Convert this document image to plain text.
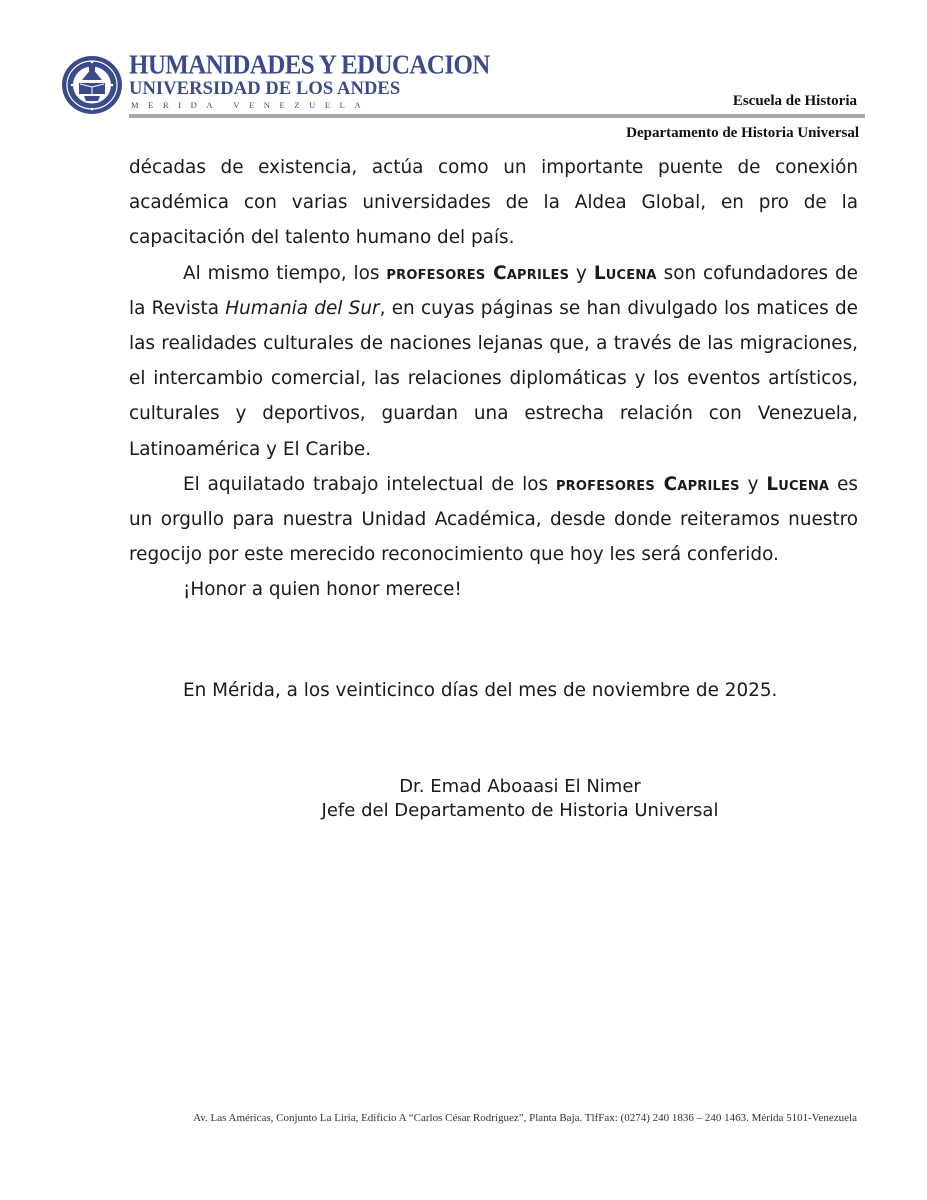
HUMANIDADES Y EDUCACION
UNIVERSIDAD DE LOS ANDES
MERIDA VENEZUELA	Escuela de Historia
Departamento de Historia Universal

décadas de existencia, actúa como un importante puente de conexión académica con varias universidades de la Aldea Global, en pro de la capacitación del talento humano del país.

Al mismo tiempo, los profesores Capriles y Lucena son cofundadores de la Revista Humania del Sur, en cuyas páginas se han divulgado los matices de las realidades culturales de naciones lejanas que, a través de las migraciones, el intercambio comercial, las relaciones diplomáticas y los eventos artísticos, culturales y deportivos, guardan una estrecha relación con Venezuela, Latinoamérica y El Caribe.

El aquilatado trabajo intelectual de los profesores Capriles y Lucena es un orgullo para nuestra Unidad Académica, desde donde reiteramos nuestro regocijo por este merecido reconocimiento que hoy les será conferido.

¡Honor a quien honor merece!

En Mérida, a los veinticinco días del mes de noviembre de 2025.
Dr. Emad Aboaasi El Nimer
Jefe del Departamento de Historia Universal
Av. Las Américas, Conjunto La Liria, Edificio A “Carlos César Rodríguez”, Planta Baja. TlfFax: (0274) 240 1836 – 240 1463. Mérida 5101-Venezuela
